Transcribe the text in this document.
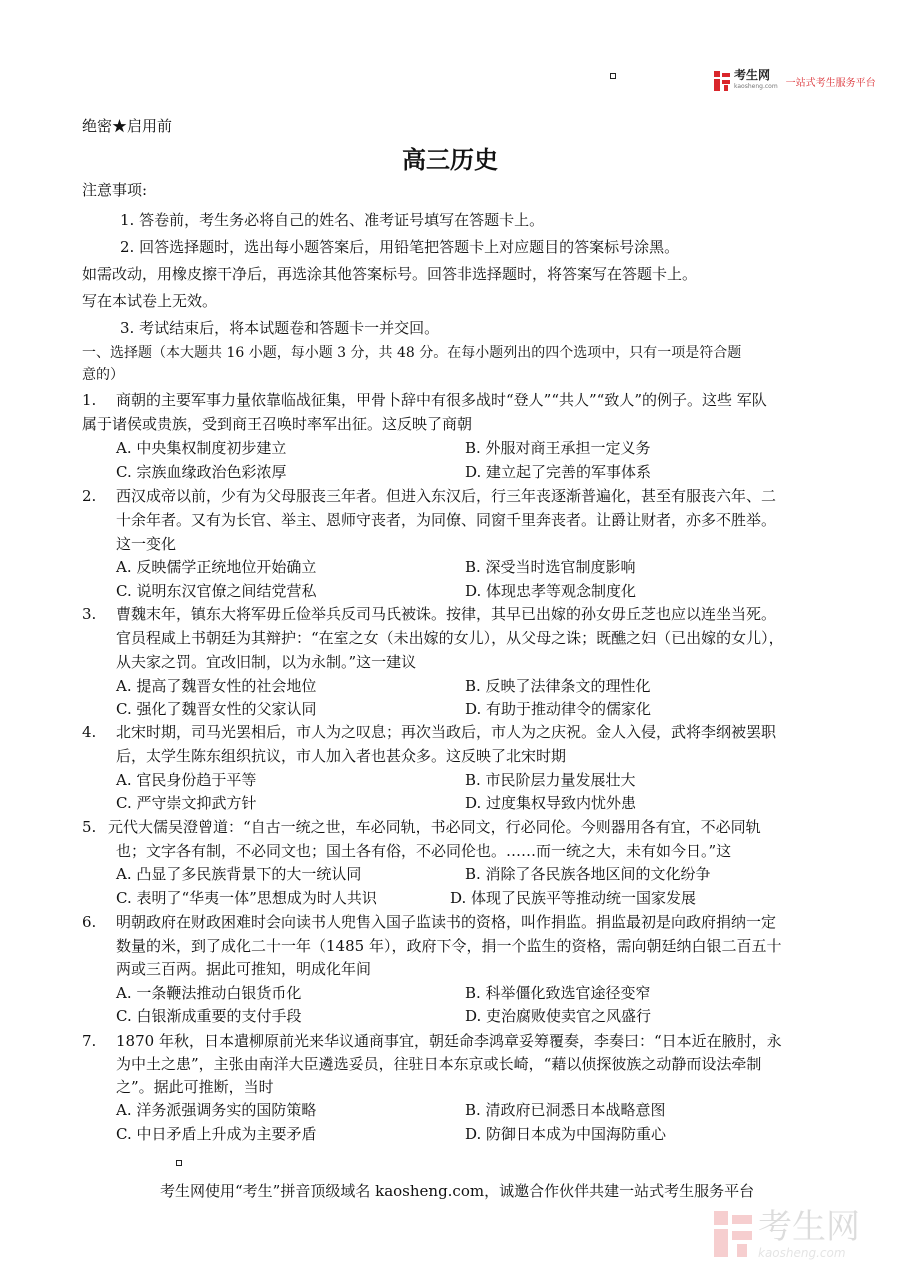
考生网
kaosheng.com 一站式考生服务平台
绝密★启用前
高三历史
注意事项:
1. 答卷前，考生务必将自己的姓名、准考证号填写在答题卡上。
2. 回答选择题时，选出每小题答案后，用铅笔把答题卡上对应题目的答案标号涂黑。
如需改动，用橡皮擦干净后，再选涂其他答案标号。回答非选择题时，将答案写在答题卡上。
写在本试卷上无效。
3. 考试结束后，将本试题卷和答题卡一并交回。
一、选择题（本大题共 16 小题，每小题 3 分，共 48 分。在每小题列出的四个选项中，只有一项是符合题
意的）
1. 商朝的主要军事力量依靠临战征集，甲骨卜辞中有很多战时“登人”“共人”“致人”的例子。这些 军队
属于诸侯或贵族，受到商王召唤时率军出征。这反映了商朝
A. 中央集权制度初步建立	B. 外服对商王承担一定义务
C. 宗族血缘政治色彩浓厚	D. 建立起了完善的军事体系
2. 西汉成帝以前，少有为父母服丧三年者。但进入东汉后，行三年丧逐渐普遍化，甚至有服丧六年、二
十余年者。又有为长官、举主、恩师守丧者，为同僚、同窗千里奔丧者。让爵让财者，亦多不胜举。
这一变化
A. 反映儒学正统地位开始确立	B. 深受当时选官制度影响
C. 说明东汉官僚之间结党营私	D. 体现忠孝等观念制度化
3. 曹魏末年，镇东大将军毋丘俭举兵反司马氏被诛。按律，其早已出嫁的孙女毋丘芝也应以连坐当死。
官员程咸上书朝廷为其辩护：“在室之女（未出嫁的女儿），从父母之诛；既醮之妇（已出嫁的女儿），
从夫家之罚。宜改旧制，以为永制。”这一建议
A. 提高了魏晋女性的社会地位	B. 反映了法律条文的理性化
C. 强化了魏晋女性的父家认同	D. 有助于推动律令的儒家化
4. 北宋时期，司马光罢相后，市人为之叹息；再次当政后，市人为之庆祝。金人入侵，武将李纲被罢职
后，太学生陈东组织抗议，市人加入者也甚众多。这反映了北宋时期
A. 官民身份趋于平等	B. 市民阶层力量发展壮大
C. 严守崇文抑武方针	D. 过度集权导致内忧外患
5. 元代大儒吴澄曾道：“自古一统之世，车必同轨，书必同文，行必同伦。今则器用各有宜，不必同轨
也；文字各有制，不必同文也；国土各有俗，不必同伦也。……而一统之大，未有如今日。”这
A. 凸显了多民族背景下的大一统认同	B. 消除了各民族各地区间的文化纷争
C. 表明了“华夷一体”思想成为时人共识	D. 体现了民族平等推动统一国家发展
6. 明朝政府在财政困难时会向读书人兜售入国子监读书的资格，叫作捐监。捐监最初是向政府捐纳一定
数量的米，到了成化二十一年（1485 年），政府下令，捐一个监生的资格，需向朝廷纳白银二百五十
两或三百两。据此可推知，明成化年间
A. 一条鞭法推动白银货币化	B. 科举僵化致选官途径变窄
C. 白银渐成重要的支付手段	D. 吏治腐败使卖官之风盛行
7. 1870 年秋，日本遣柳原前光来华议通商事宜，朝廷命李鸿章妥筹覆奏，李奏曰：“日本近在腋肘，永
为中土之患”，主张由南洋大臣遴选妥员，往驻日本东京或长崎，“藉以侦探彼族之动静而设法牵制
之”。据此可推断，当时
A. 洋务派强调务实的国防策略	B. 清政府已洞悉日本战略意图
C. 中日矛盾上升成为主要矛盾	D. 防御日本成为中国海防重心
考生网使用“考生”拼音顶级域名 kaosheng.com，诚邀合作伙伴共建一站式考生服务平台
考生网
kaosheng.com
